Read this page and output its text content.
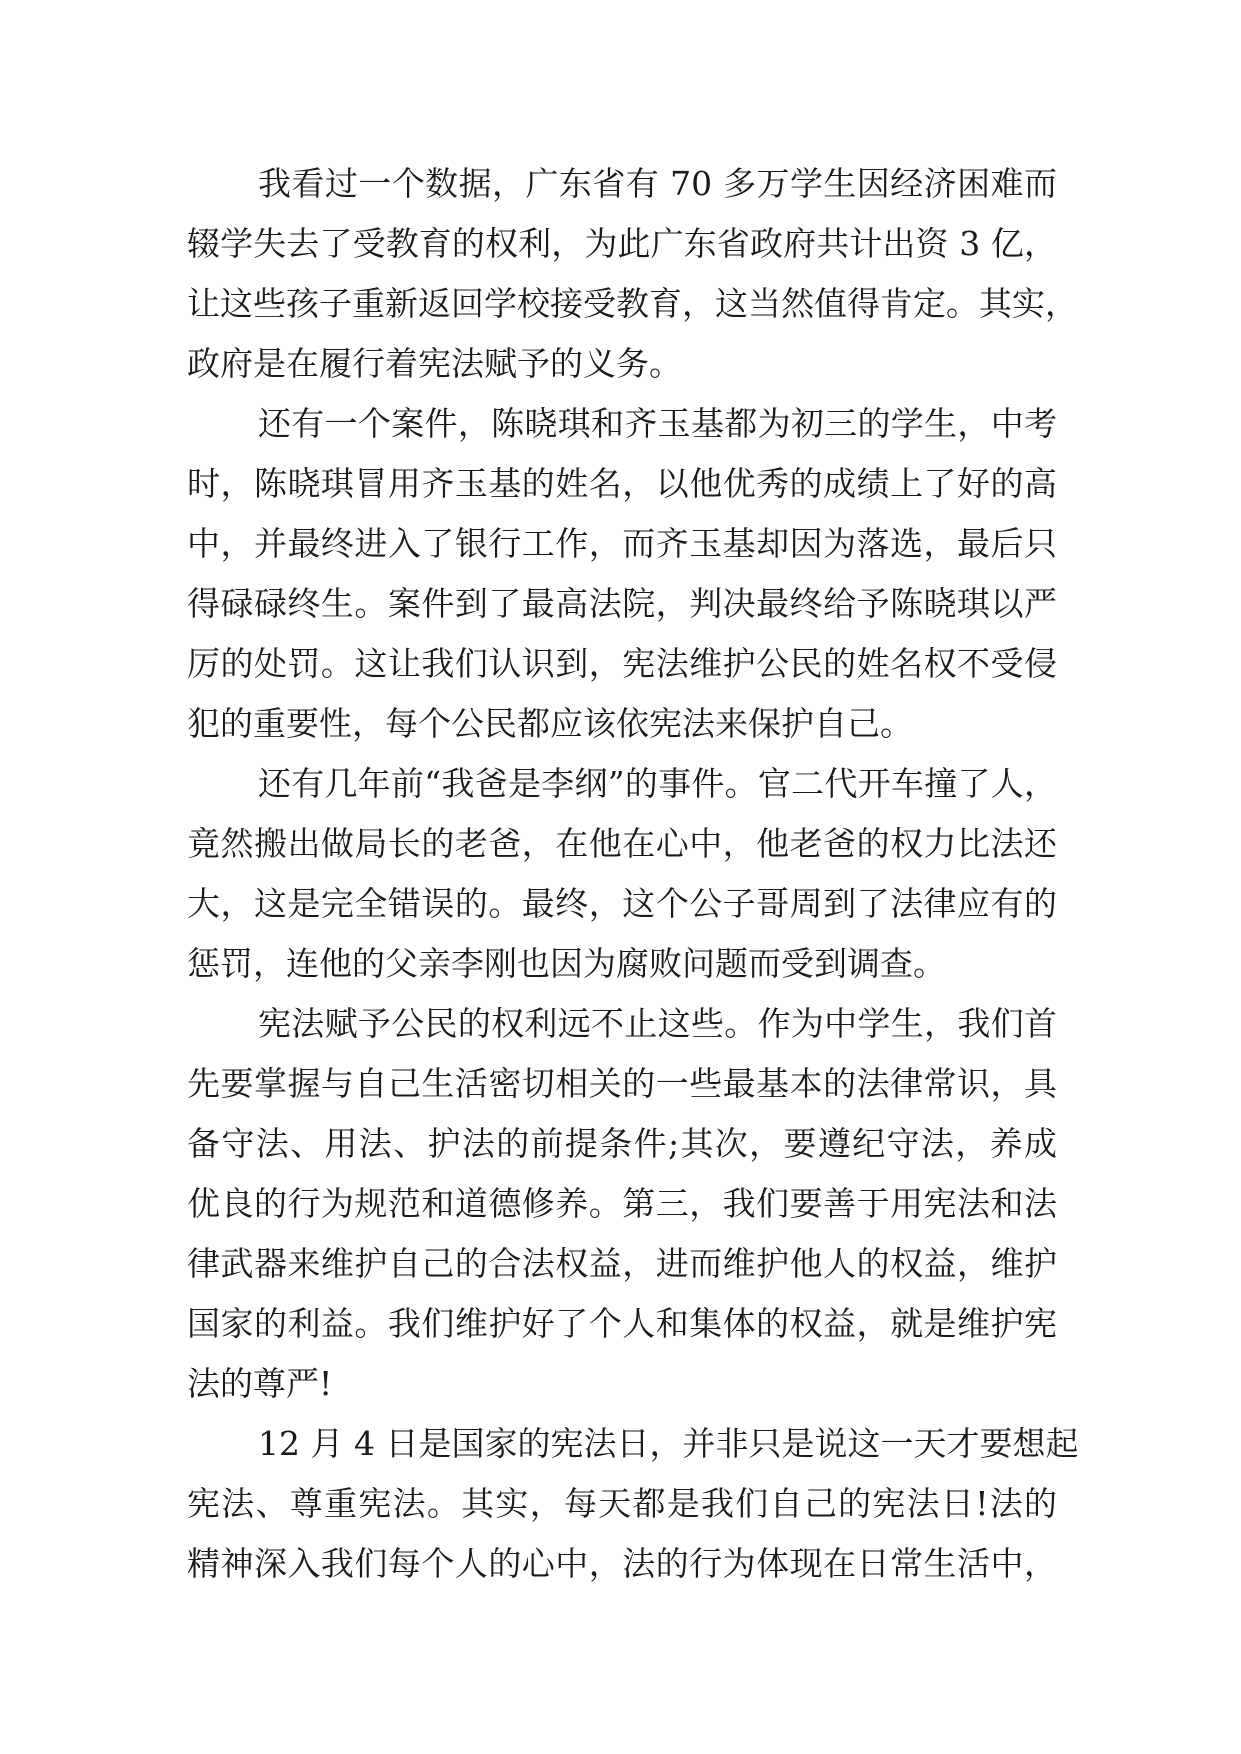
我看过一个数据，广东省有 70 多万学生因经济困难而
辍学失去了受教育的权利，为此广东省政府共计出资 3 亿，
让这些孩子重新返回学校接受教育，这当然值得肯定。其实，
政府是在履行着宪法赋予的义务。
还有一个案件，陈晓琪和齐玉基都为初三的学生，中考
时，陈晓琪冒用齐玉基的姓名，以他优秀的成绩上了好的高
中，并最终进入了银行工作，而齐玉基却因为落选，最后只
得碌碌终生。案件到了最高法院，判决最终给予陈晓琪以严
厉的处罚。这让我们认识到，宪法维护公民的姓名权不受侵
犯的重要性，每个公民都应该依宪法来保护自己。
还有几年前“我爸是李纲”的事件。官二代开车撞了人，
竟然搬出做局长的老爸，在他在心中，他老爸的权力比法还
大，这是完全错误的。最终，这个公子哥周到了法律应有的
惩罚，连他的父亲李刚也因为腐败问题而受到调查。
宪法赋予公民的权利远不止这些。作为中学生，我们首
先要掌握与自己生活密切相关的一些最基本的法律常识，具
备守法、用法、护法的前提条件;其次，要遵纪守法，养成
优良的行为规范和道德修养。第三，我们要善于用宪法和法
律武器来维护自己的合法权益，进而维护他人的权益，维护
国家的利益。我们维护好了个人和集体的权益，就是维护宪
法的尊严!
12 月 4 日是国家的宪法日，并非只是说这一天才要想起
宪法、尊重宪法。其实，每天都是我们自己的宪法日!法的
精神深入我们每个人的心中，法的行为体现在日常生活中，
